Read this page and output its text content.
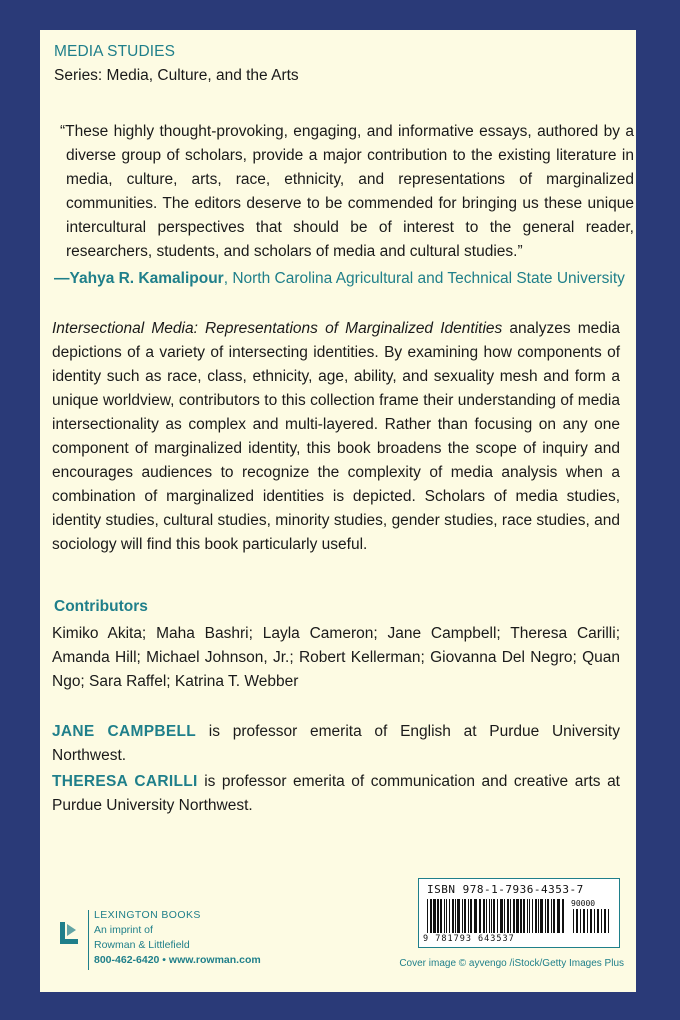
MEDIA STUDIES
Series: Media, Culture, and the Arts

“These highly thought-provoking, engaging, and informative essays, authored by a diverse group of scholars, provide a major contribution to the existing literature in media, culture, arts, race, ethnicity, and representations of marginalized communities. The editors deserve to be commended for bringing us these unique intercultural perspectives that should be of interest to the general reader, researchers, students, and scholars of media and cultural studies.”

—Yahya R. Kamalipour, North Carolina Agricultural and Technical State University

Intersectional Media: Representations of Marginalized Identities analyzes media depictions of a variety of intersecting identities. By examining how components of identity such as race, class, ethnicity, age, ability, and sexuality mesh and form a unique worldview, contributors to this collection frame their understanding of media intersectionality as complex and multi-layered. Rather than focusing on any one component of marginalized identity, this book broadens the scope of inquiry and encourages audiences to recognize the complexity of media analysis when a combination of marginalized identities is depicted. Scholars of media studies, identity studies, cultural studies, minority studies, gender studies, race studies, and sociology will find this book particularly useful.

Contributors

Kimiko Akita; Maha Bashri; Layla Cameron; Jane Campbell; Theresa Carilli; Amanda Hill; Michael Johnson, Jr.; Robert Kellerman; Giovanna Del Negro; Quan Ngo; Sara Raffel; Katrina T. Webber

JANE CAMPBELL is professor emerita of English at Purdue University Northwest.

THERESA CARILLI is professor emerita of communication and creative arts at Purdue University Northwest.

LEXINGTON BOOKS
An imprint of
Rowman & Littlefield
800-462-6420 • www.rowman.com
ISBN 978-1-7936-4353-7
9 781793 643537
90000
Cover image © ayvengo /iStock/Getty Images Plus
